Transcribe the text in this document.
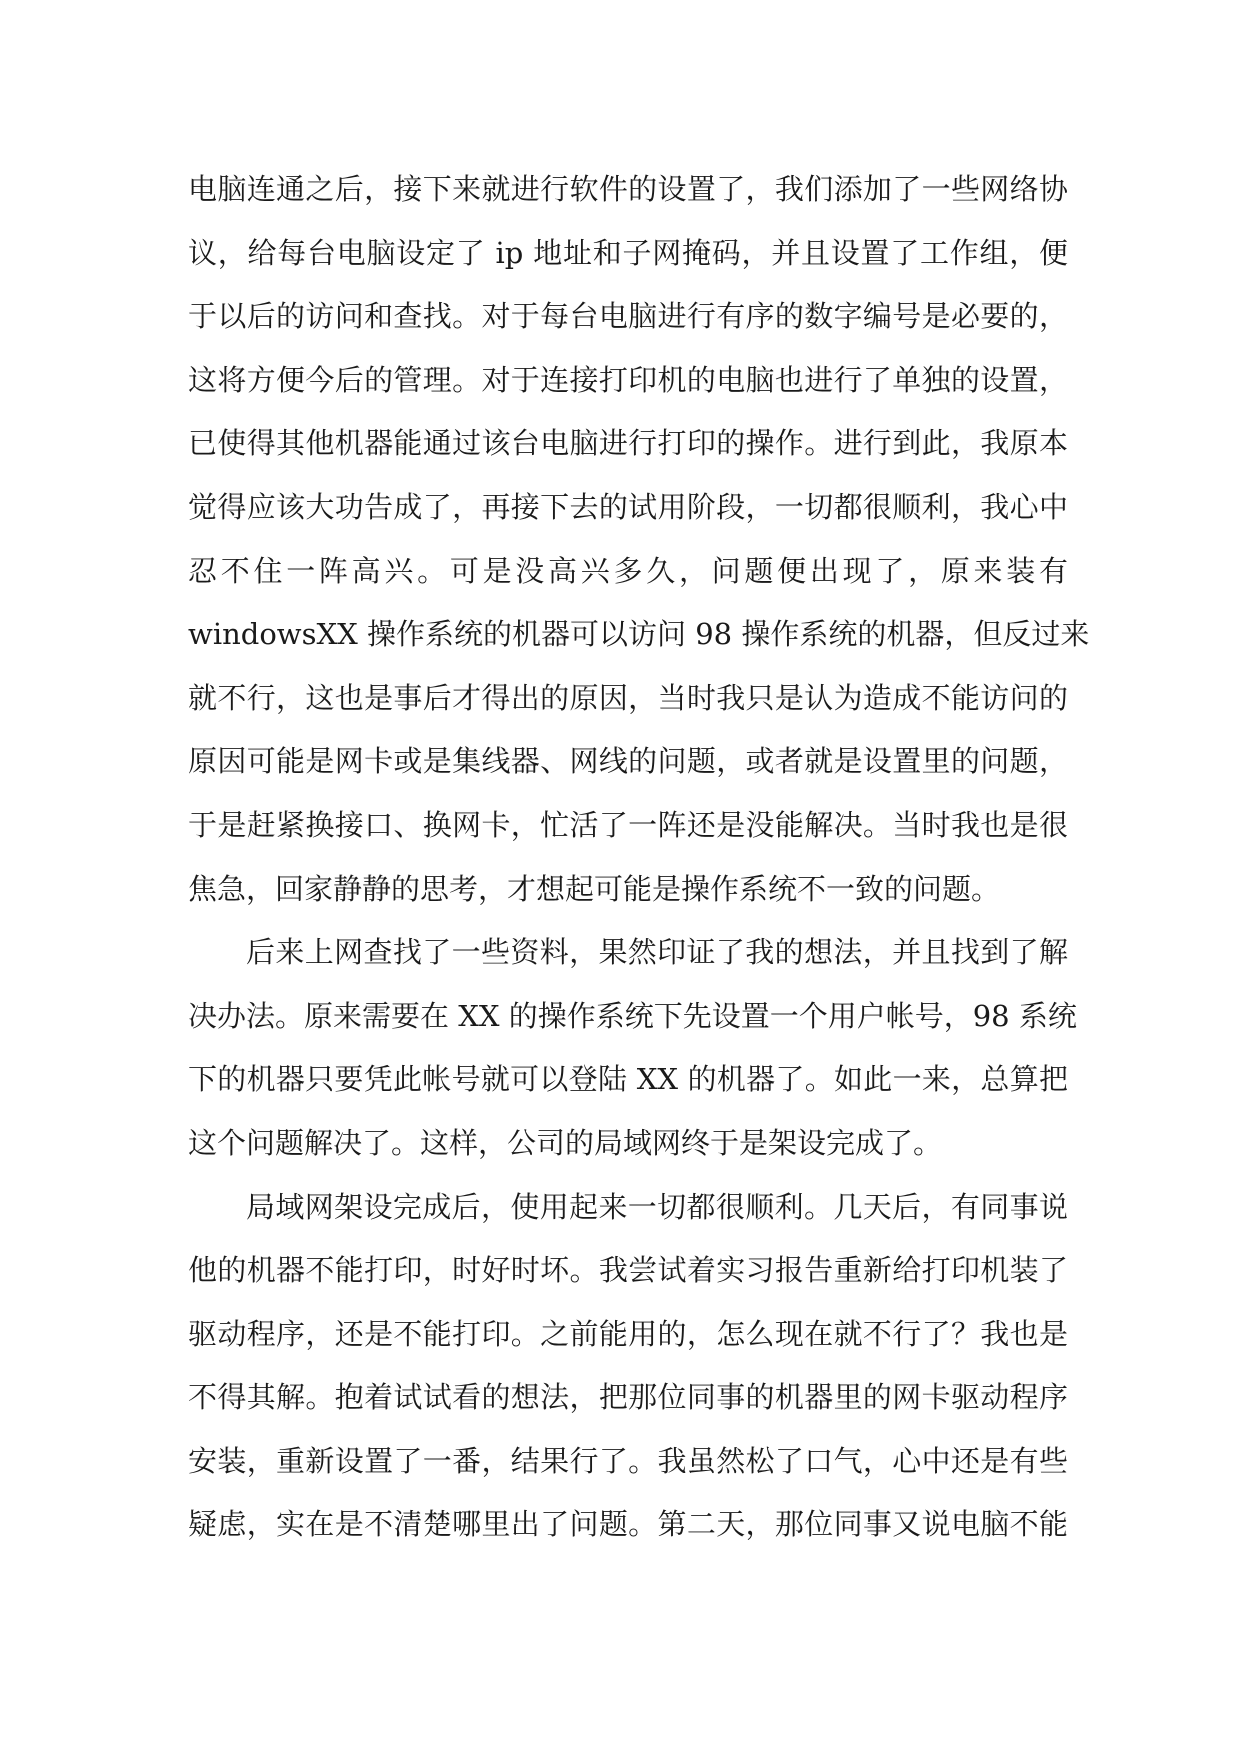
电脑连通之后，接下来就进行软件的设置了，我们添加了一些网络协
议，给每台电脑设定了 ip 地址和子网掩码，并且设置了工作组，便
于以后的访问和查找。对于每台电脑进行有序的数字编号是必要的，
这将方便今后的管理。对于连接打印机的电脑也进行了单独的设置，
已使得其他机器能通过该台电脑进行打印的操作。进行到此，我原本
觉得应该大功告成了，再接下去的试用阶段，一切都很顺利，我心中
忍不住一阵高兴。可是没高兴多久，问题便出现了，原来装有
windowsXX 操作系统的机器可以访问 98 操作系统的机器，但反过来
就不行，这也是事后才得出的原因，当时我只是认为造成不能访问的
原因可能是网卡或是集线器、网线的问题，或者就是设置里的问题，
于是赶紧换接口、换网卡，忙活了一阵还是没能解决。当时我也是很
焦急，回家静静的思考，才想起可能是操作系统不一致的问题。
后来上网查找了一些资料，果然印证了我的想法，并且找到了解
决办法。原来需要在 XX 的操作系统下先设置一个用户帐号，98 系统
下的机器只要凭此帐号就可以登陆 XX 的机器了。如此一来，总算把
这个问题解决了。这样，公司的局域网终于是架设完成了。
局域网架设完成后，使用起来一切都很顺利。几天后，有同事说
他的机器不能打印，时好时坏。我尝试着实习报告重新给打印机装了
驱动程序，还是不能打印。之前能用的，怎么现在就不行了？我也是
不得其解。抱着试试看的想法，把那位同事的机器里的网卡驱动程序
安装，重新设置了一番，结果行了。我虽然松了口气，心中还是有些
疑虑，实在是不清楚哪里出了问题。第二天，那位同事又说电脑不能
